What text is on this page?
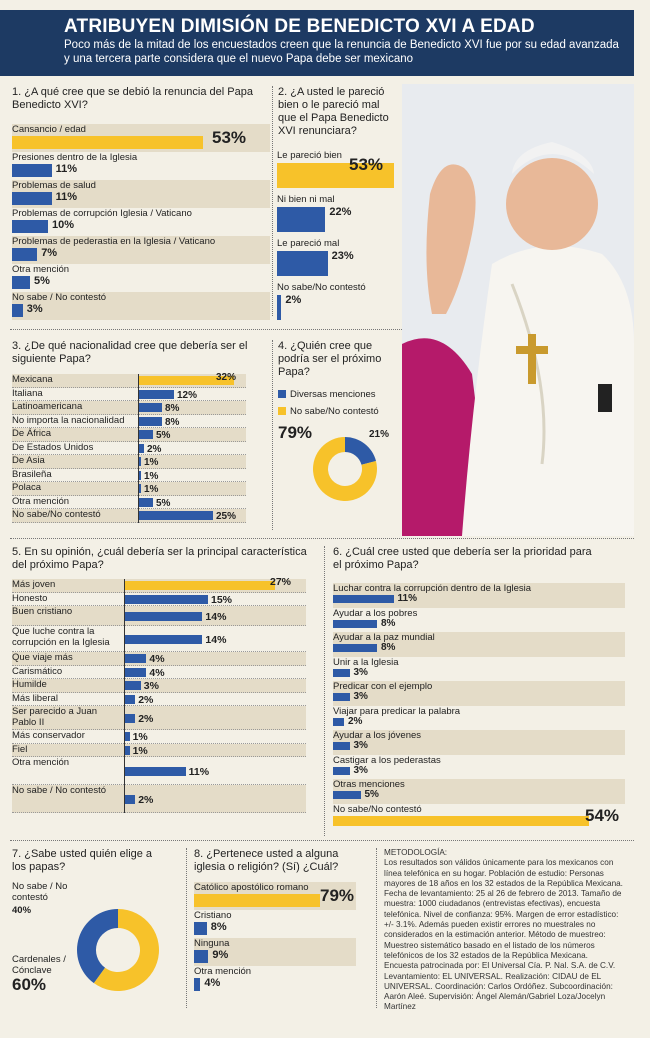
ATRIBUYEN DIMISIÓN DE BENEDICTO XVI A EDAD

Poco más de la mitad de los encuestados creen que la renuncia de Benedicto XVI fue por su edad avanzada y una tercera parte considera que el nuevo Papa debe ser mexicano

1. ¿A qué cree que se debió la renuncia del Papa Benedicto XVI?
Cansancio / edad	53%
Presiones dentro de la Iglesia
11%
Problemas de salud
11%
Problemas de corrupción Iglesia / Vaticano
10%
Problemas de pederastia en la Iglesia / Vaticano
7%
Otra mención
5%
No sabe / No contestó
3%
2. ¿A usted le pareció bien o le pareció mal que el Papa Benedicto XVI renunciara?
Le pareció bien 53%
Ni bien ni mal
22%
Le pareció mal
23%
No sabe/No contestó
2%
3. ¿De qué nacionalidad cree que debería ser el siguiente Papa?
Mexicana	32%
Italiana	12%
Latinoamericana	8%
No importa la nacionalidad	8%
De África	5%
De Estados Unidos	2%
De Asia	1%
Brasileña	1%
Polaca	1%
Otra mención	5%
No sabe/No contestó	25%
4. ¿Quién cree que podría ser el próximo Papa?
Diversas menciones
No sabe/No contestó
79%	21%
5. En su opinión, ¿cuál debería ser la principal característica del próximo Papa?
Más joven	27%
Honesto	15%
Buen cristiano	14%
Que luche contra la corrupción en la Iglesia	14%
Que viaje más	4%
Carismático	4%
Humilde	3%
Más liberal	2%
Ser parecido a Juan Pablo II	2%
Más conservador	1%
Fiel	1%
Otra mención
11%
No sabe / No contestó
2%
6. ¿Cuál cree usted que debería ser la prioridad para el próximo Papa?
Luchar contra la corrupción dentro de la Iglesia
11%
Ayudar a los pobres
8%
Ayudar a la paz mundial
8%
Unir a la Iglesia
3%
Predicar con el ejemplo
3%
Viajar para predicar la palabra
2%
Ayudar a los jóvenes
3%
Castigar a los pederastas
3%
Otras menciones
5%
No sabe/No contestó	54%
7. ¿Sabe usted quién elige a los papas?
No sabe / No contestó
40%
Cardenales / Cónclave
60%
8. ¿Pertenece usted a alguna iglesia o religión? (Sí) ¿Cuál?
Católico apostólico romano 79%
Cristiano
8%
Ninguna
9%
Otra mención
4%
METODOLOGÍA:
Los resultados son válidos únicamente para los mexicanos con línea telefónica en su hogar. Población de estudio: Personas mayores de 18 años en los 32 estados de la República Mexicana. Fecha de levantamiento: 25 al 26 de febrero de 2013. Tamaño de muestra: 1000 ciudadanos (entrevistas efectivas), encuesta telefónica. Nivel de confianza: 95%. Margen de error estadístico: +/- 3.1%. Además pueden existir errores no muestrales no considerados en la estimación anterior. Método de muestreo: Muestreo sistemático basado en el listado de los números telefónicos de los 32 estados de la República Mexicana. Encuesta patrocinada por: El Universal Cía. P. Nal. S.A. de C.V. Levantamiento: EL UNIVERSAL. Realización: CIDAU de EL UNIVERSAL. Coordinación: Carlos Ordóñez. Subcoordinación: Aarón Aleé. Supervisión: Ángel Alemán/Gabriel Loza/Jocelyn Martínez
